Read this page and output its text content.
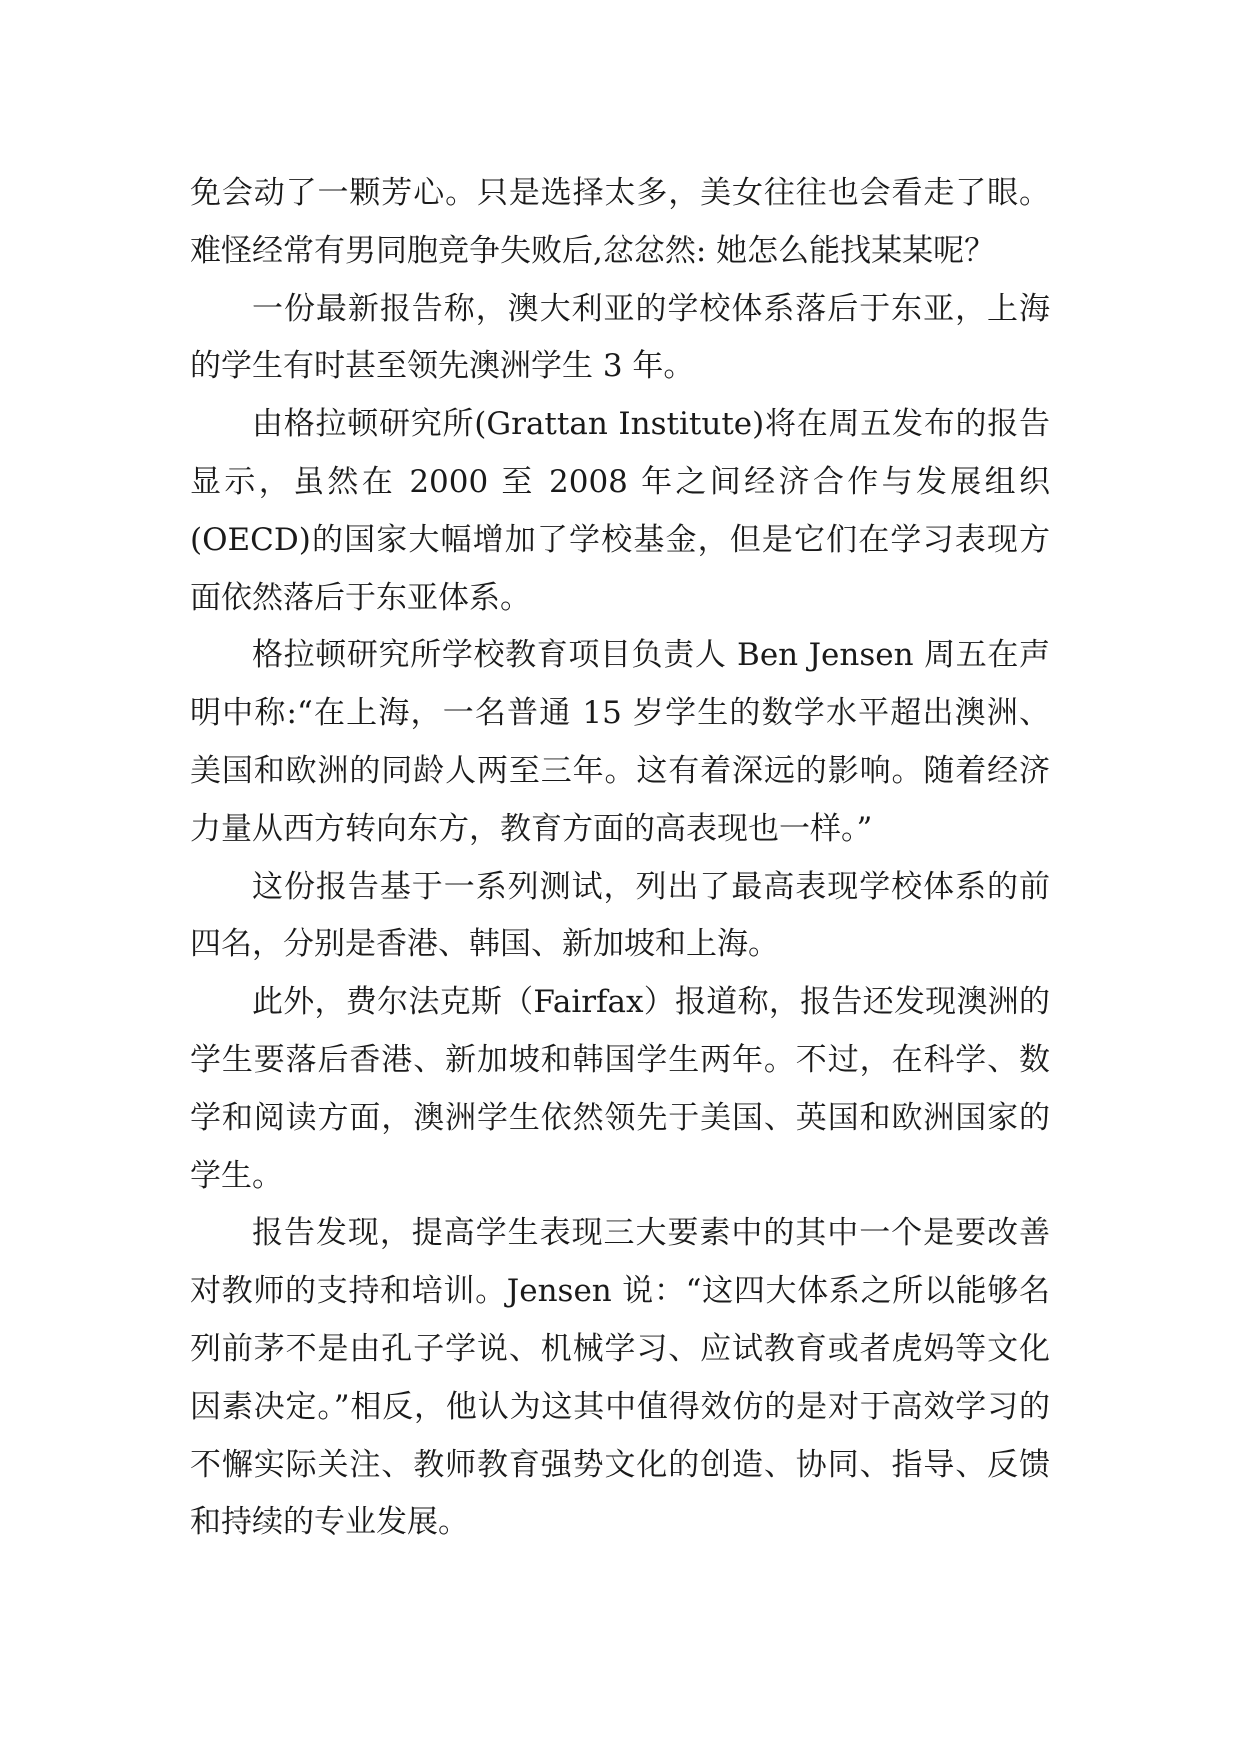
免会动了一颗芳心。只是选择太多，美女往往也会看走了眼。难怪经常有男同胞竞争失败后,忿忿然: 她怎么能找某某呢？

一份最新报告称，澳大利亚的学校体系落后于东亚，上海的学生有时甚至领先澳洲学生 3 年。

由格拉顿研究所(Grattan Institute)将在周五发布的报告显示，虽然在 2000 至 2008 年之间经济合作与发展组织(OECD)的国家大幅增加了学校基金，但是它们在学习表现方面依然落后于东亚体系。

格拉顿研究所学校教育项目负责人 Ben Jensen 周五在声明中称:“在上海，一名普通 15 岁学生的数学水平超出澳洲、美国和欧洲的同龄人两至三年。这有着深远的影响。随着经济力量从西方转向东方，教育方面的高表现也一样。”

这份报告基于一系列测试，列出了最高表现学校体系的前四名，分别是香港、韩国、新加坡和上海。

此外，费尔法克斯（Fairfax）报道称，报告还发现澳洲的学生要落后香港、新加坡和韩国学生两年。不过，在科学、数学和阅读方面，澳洲学生依然领先于美国、英国和欧洲国家的学生。

报告发现，提高学生表现三大要素中的其中一个是要改善对教师的支持和培训。Jensen 说：“这四大体系之所以能够名列前茅不是由孔子学说、机械学习、应试教育或者虎妈等文化因素决定。”相反，他认为这其中值得效仿的是对于高效学习的不懈实际关注、教师教育强势文化的创造、协同、指导、反馈和持续的专业发展。
